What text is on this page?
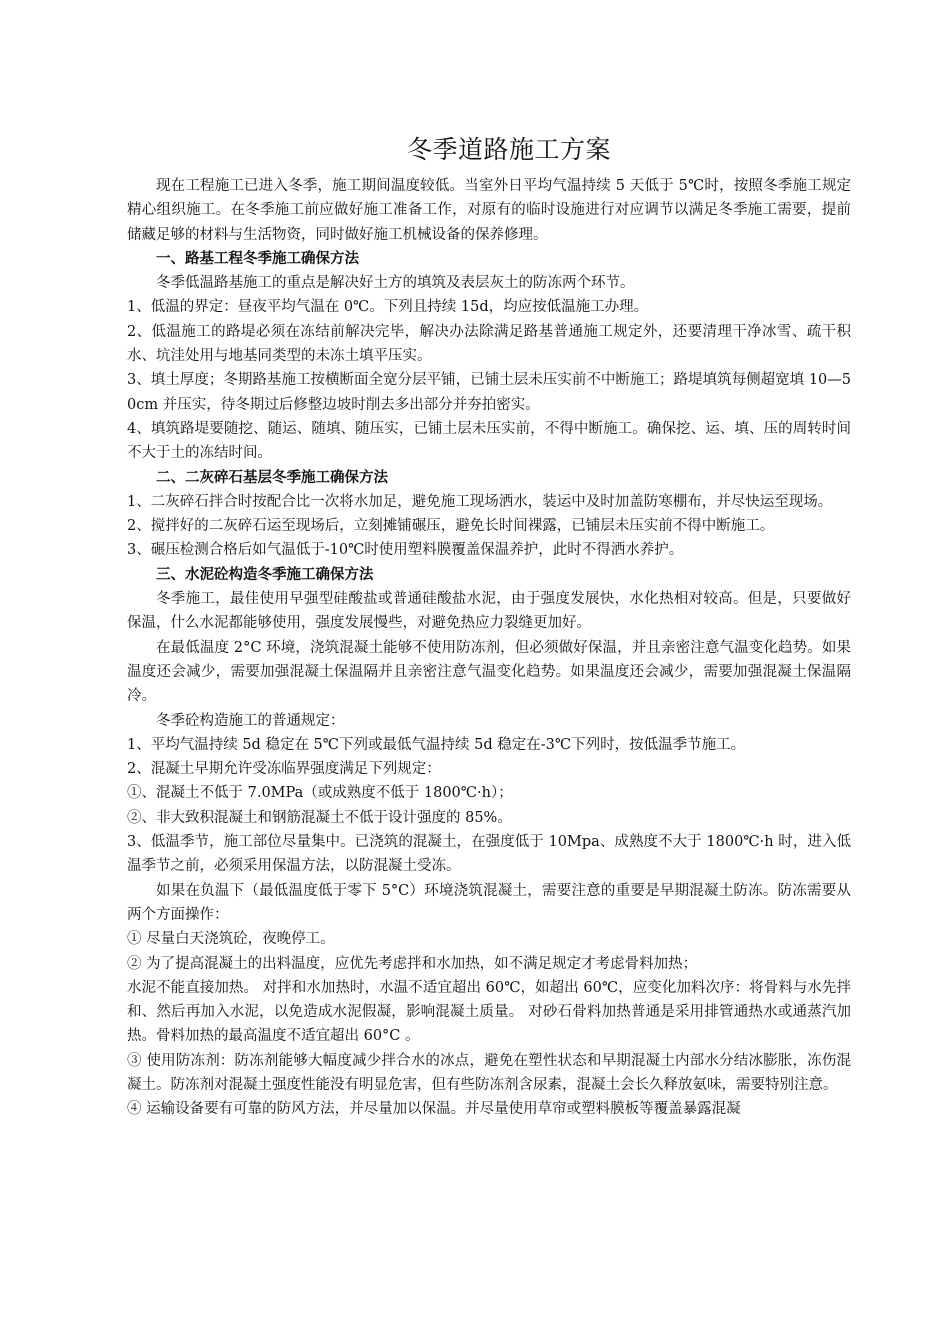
冬季道路施工方案

现在工程施工已进入冬季，施工期间温度较低。当室外日平均气温持续 5 天低于 5℃时，按照冬季施工规定精心组织施工。在冬季施工前应做好施工准备工作，对原有的临时设施进行对应调节以满足冬季施工需要，提前储藏足够的材料与生活物资，同时做好施工机械设备的保养修理。

一、路基工程冬季施工确保方法

冬季低温路基施工的重点是解决好土方的填筑及表层灰土的防冻两个环节。

1、低温的界定：昼夜平均气温在 0℃。下列且持续 15d，均应按低温施工办理。

2、低温施工的路堤必须在冻结前解决完毕，解决办法除满足路基普通施工规定外，还要清理干净冰雪、疏干积水、坑洼处用与地基同类型的未冻土填平压实。

3、填土厚度；冬期路基施工按横断面全宽分层平铺，已铺土层未压实前不中断施工；路堤填筑每侧超宽填 10—50cm 并压实，待冬期过后修整边坡时削去多出部分并夯拍密实。

4、填筑路堤要随挖、随运、随填、随压实，已铺土层未压实前，不得中断施工。确保挖、运、填、压的周转时间不大于土的冻结时间。

二、二灰碎石基层冬季施工确保方法

1、二灰碎石拌合时按配合比一次将水加足，避免施工现场洒水，装运中及时加盖防寒棚布，并尽快运至现场。

2、搅拌好的二灰碎石运至现场后，立刻摊铺碾压，避免长时间裸露，已铺层未压实前不得中断施工。

3、碾压检测合格后如气温低于-10℃时使用塑料膜覆盖保温养护，此时不得洒水养护。

三、水泥砼构造冬季施工确保方法

冬季施工，最佳使用早强型硅酸盐或普通硅酸盐水泥，由于强度发展快，水化热相对较高。但是，只要做好保温，什么水泥都能够使用，强度发展慢些，对避免热应力裂缝更加好。

在最低温度 2°C 环境，浇筑混凝土能够不使用防冻剂，但必须做好保温，并且亲密注意气温变化趋势。如果温度还会减少，需要加强混凝土保温隔并且亲密注意气温变化趋势。如果温度还会减少，需要加强混凝土保温隔冷。

冬季砼构造施工的普通规定：

1、平均气温持续 5d 稳定在 5℃下列或最低气温持续 5d 稳定在-3℃下列时，按低温季节施工。

2、混凝土早期允许受冻临界强度满足下列规定：

①、混凝土不低于 7.0MPa（或成熟度不低于 1800℃·h）；

②、非大致积混凝土和钢筋混凝土不低于设计强度的 85%。

3、低温季节，施工部位尽量集中。已浇筑的混凝土，在强度低于 10Mpa、成熟度不大于 1800℃·h 时，进入低温季节之前，必须采用保温方法，以防混凝土受冻。

如果在负温下（最低温度低于零下 5°C）环境浇筑混凝土，需要注意的重要是早期混凝土防冻。防冻需要从两个方面操作：

① 尽量白天浇筑砼，夜晚停工。

② 为了提高混凝土的出料温度，应优先考虑拌和水加热，如不满足规定才考虑骨料加热；

水泥不能直接加热。 对拌和水加热时，水温不适宜超出 60℃，如超出 60℃，应变化加料次序：将骨料与水先拌和、然后再加入水泥，以免造成水泥假凝，影响混凝土质量。 对砂石骨料加热普通是采用排管通热水或通蒸汽加热。骨料加热的最高温度不适宜超出 60°C 。

③ 使用防冻剂：防冻剂能够大幅度减少拌合水的冰点，避免在塑性状态和早期混凝土内部水分结冰膨胀，冻伤混凝土。防冻剂对混凝土强度性能没有明显危害，但有些防冻剂含尿素，混凝土会长久释放氨味，需要特别注意。

④ 运输设备要有可靠的防风方法，并尽量加以保温。并尽量使用草帘或塑料膜板等覆盖暴露混凝
